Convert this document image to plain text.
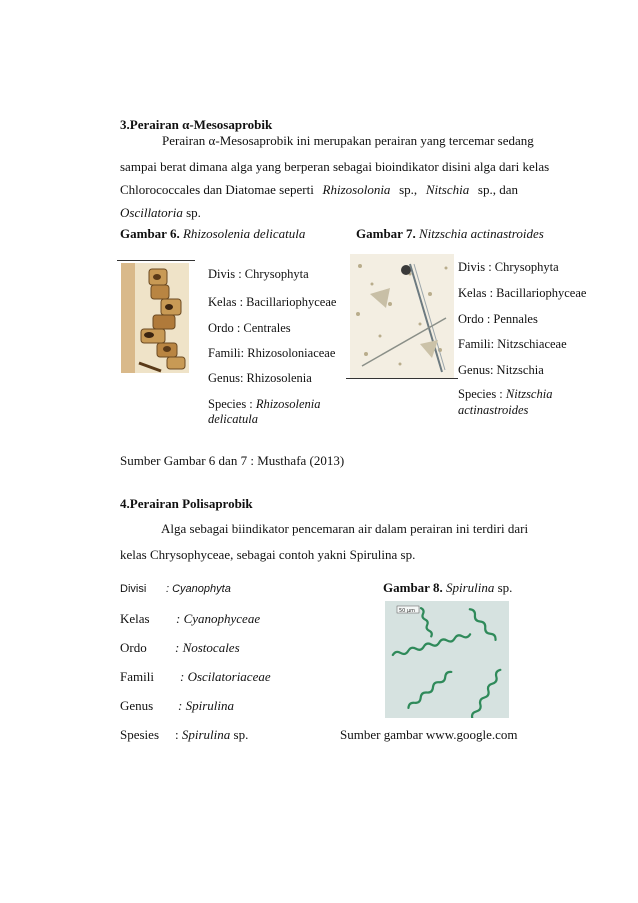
3.Perairan α-Mesosaprobik
Perairan α-Mesosaprobik ini merupakan perairan yang tercemar sedang
sampai berat dimana alga yang berperan sebagai bioindikator disini alga dari kelas
Chlorococcales dan Diatomae seperti Rhizosolonia sp., Nitschia sp., dan
Oscillatoria sp.
Gambar 6. Rhizosolenia delicatula	Gambar 7. Nitzschia actinastroides
Divis : Chrysophyta
Kelas : Bacillariophyceae
Ordo : Centrales
Famili: Rhizosoloniaceae
Genus: Rhizosolenia
Species : Rhizosolenia
delicatula
Divis : Chrysophyta
Kelas : Bacillariophyceae
Ordo : Pennales
Famili: Nitzschiaceae
Genus: Nitzschia
Species : Nitzschia
actinastroides
Sumber Gambar 6 dan 7 : Musthafa (2013)
4.Perairan Polisaprobik
Alga sebagai biindikator pencemaran air dalam perairan ini terdiri dari
kelas Chrysophyceae, sebagai contoh yakni Spirulina sp.
Divisi : Cyanophyta
Kelas : Cyanophyceae
Ordo : Nostocales
Famili : Oscilatoriaceae
Genus : Spirulina
Spesies : Spirulina sp.
Gambar 8. Spirulina sp.
50 µm
Sumber gambar www.google.com
